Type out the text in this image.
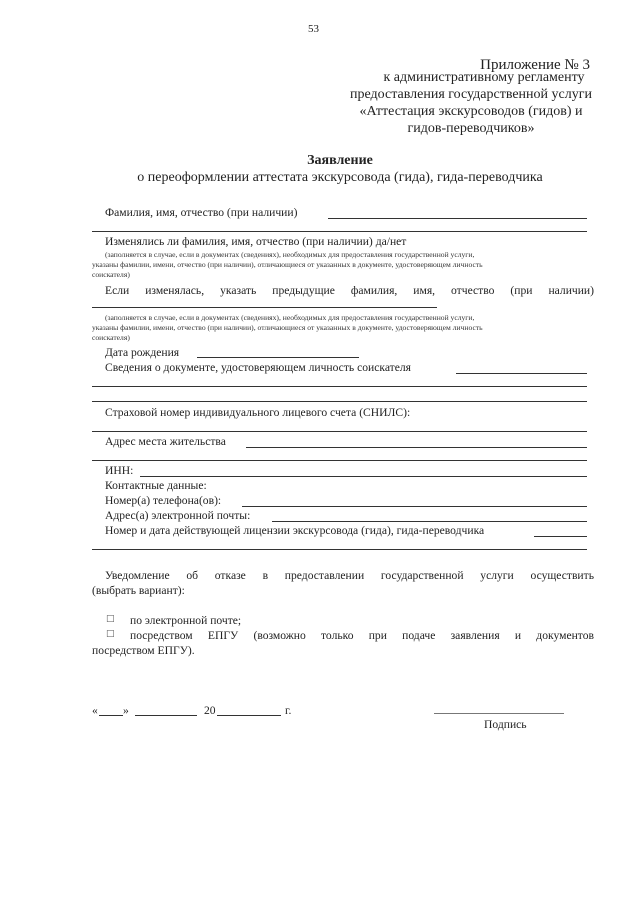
53
Приложение № 3
к административному регламенту
предоставления государственной услуги
«Аттестация экскурсоводов (гидов) и
гидов-переводчиков»
Заявление
о переоформлении аттестата экскурсовода (гида), гида-переводчика
Фамилия, имя, отчество (при наличии)
Изменялись ли фамилия, имя, отчество (при наличии) да/нет
(заполняется в случае, если в документах (сведениях), необходимых для предоставления государственной услуги,
указаны фамилии, имени, отчество (при наличии), отличающиеся от указанных в документе, удостоверяющем личность
соискателя)
Если изменялась, указать предыдущие фамилия, имя, отчество (при наличии)
(заполняется в случае, если в документах (сведениях), необходимых для предоставления государственной услуги,
указаны фамилии, имени, отчество (при наличии), отличающиеся от указанных в документе, удостоверяющем личность
соискателя)
Дата рождения
Сведения о документе, удостоверяющем личность соискателя
Страховой номер индивидуального лицевого счета (СНИЛС):
Адрес места жительства
ИНН:
Контактные данные:
Номер(а) телефона(ов):
Адрес(а) электронной почты:
Номер и дата действующей лицензии экскурсовода (гида), гида-переводчика
Уведомление об отказе в предоставлении государственной услуги осуществить
(выбрать вариант):
□ по электронной почте;
□ посредством ЕПГУ (возможно только при подаче заявления и документов
посредством ЕПГУ).
« »	20	г.
Подпись
